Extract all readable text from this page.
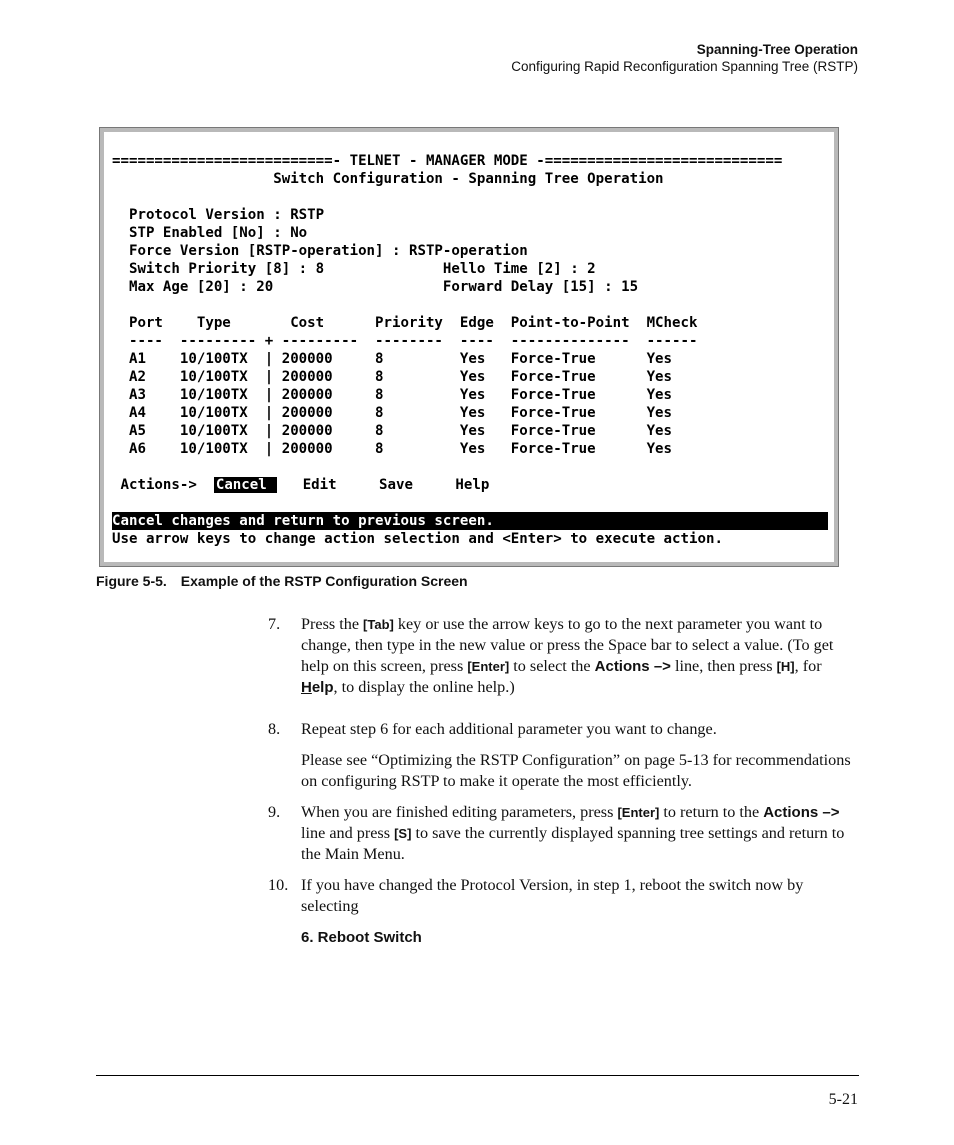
Spanning-Tree Operation
Configuring Rapid Reconfiguration Spanning Tree (RSTP)
==========================- TELNET - MANAGER MODE -============================
Switch Configuration - Spanning Tree Operation
Protocol Version : RSTP
STP Enabled [No] : No
Force Version [RSTP-operation] : RSTP-operation
Switch Priority [8] : 8              Hello Time [2] : 2
Max Age [20] : 20                    Forward Delay [15] : 15
Port    Type       Cost      Priority  Edge  Point-to-Point  MCheck
----  --------- + ---------  --------  ----  --------------  ------
A1    10/100TX  | 200000     8         Yes   Force-True      Yes
A2    10/100TX  | 200000     8         Yes   Force-True      Yes
A3    10/100TX  | 200000     8         Yes   Force-True      Yes
A4    10/100TX  | 200000     8         Yes   Force-True      Yes
A5    10/100TX  | 200000     8         Yes   Force-True      Yes
A6    10/100TX  | 200000     8         Yes   Force-True      Yes
Actions->  Cancel    Edit     Save     Help
Cancel changes and return to previous screen.
Use arrow keys to change action selection and <Enter> to execute action.
Figure 5-5. Example of the RSTP Configuration Screen
7. Press the [Tab] key or use the arrow keys to go to the next parameter you want to change, then type in the new value or press the Space bar to select a value. (To get help on this screen, press [Enter] to select the Actions –> line, then press [H], for Help, to display the online help.)
8. Repeat step 6 for each additional parameter you want to change.
Please see “Optimizing the RSTP Configuration” on page 5-13 for recommendations on configuring RSTP to make it operate the most efficiently.
9. When you are finished editing parameters, press [Enter] to return to the Actions –> line and press [S] to save the currently displayed spanning tree settings and return to the Main Menu.
10. If you have changed the Protocol Version, in step 1, reboot the switch now by selecting
6. Reboot Switch
5-21
